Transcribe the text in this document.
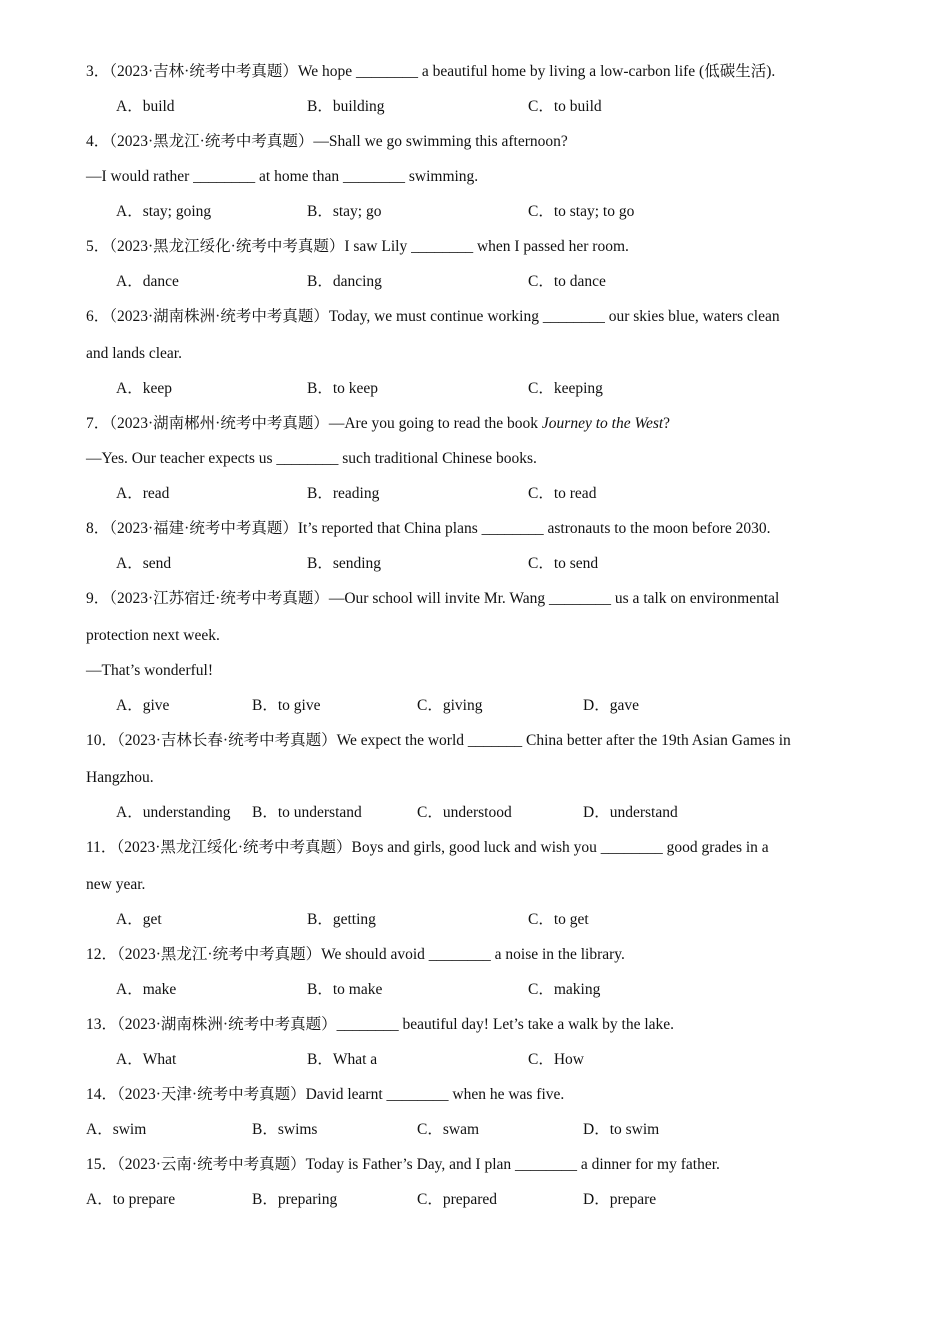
3．（2023·吉林·统考中考真题）We hope ________ a beautiful home by living a low-carbon life (低碳生活).
A．build	B．building	C．to build
4．（2023·黑龙江·统考中考真题）—Shall we go swimming this afternoon?
—I would rather ________ at home than ________ swimming.
A．stay; going	B．stay; go	C．to stay; to go
5．（2023·黑龙江绥化·统考中考真题）I saw Lily ________ when I passed her room.
A．dance	B．dancing	C．to dance
6．（2023·湖南株洲·统考中考真题）Today, we must continue working ________ our skies blue, waters clean
and lands clear.
A．keep	B．to keep	C．keeping
7．（2023·湖南郴州·统考中考真题）—Are you going to read the book Journey to the West?
—Yes. Our teacher expects us ________ such traditional Chinese books.
A．read	B．reading	C．to read
8．（2023·福建·统考中考真题）It’s reported that China plans ________ astronauts to the moon before 2030.
A．send	B．sending	C．to send
9．（2023·江苏宿迁·统考中考真题）—Our school will invite Mr. Wang ________ us a talk on environmental
protection next week.
—That’s wonderful!
A．give	B．to give	C．giving	D．gave
10．（2023·吉林长春·统考中考真题）We expect the world _______ China better after the 19th Asian Games in
Hangzhou.
A．understanding B．to understand	C．understood	D．understand
11．（2023·黑龙江绥化·统考中考真题）Boys and girls, good luck and wish you ________ good grades in a
new year.
A．get	B．getting	C．to get
12．（2023·黑龙江·统考中考真题）We should avoid ________ a noise in the library.
A．make	B．to make	C．making
13．（2023·湖南株洲·统考中考真题）________ beautiful day! Let’s take a walk by the lake.
A．What	B．What a	C．How
14．（2023·天津·统考中考真题）David learnt ________ when he was five.
A．swim	B．swims	C．swam	D．to swim
15．（2023·云南·统考中考真题）Today is Father’s Day, and I plan ________ a dinner for my father.
A．to prepare	B．preparing	C．prepared	D．prepare
